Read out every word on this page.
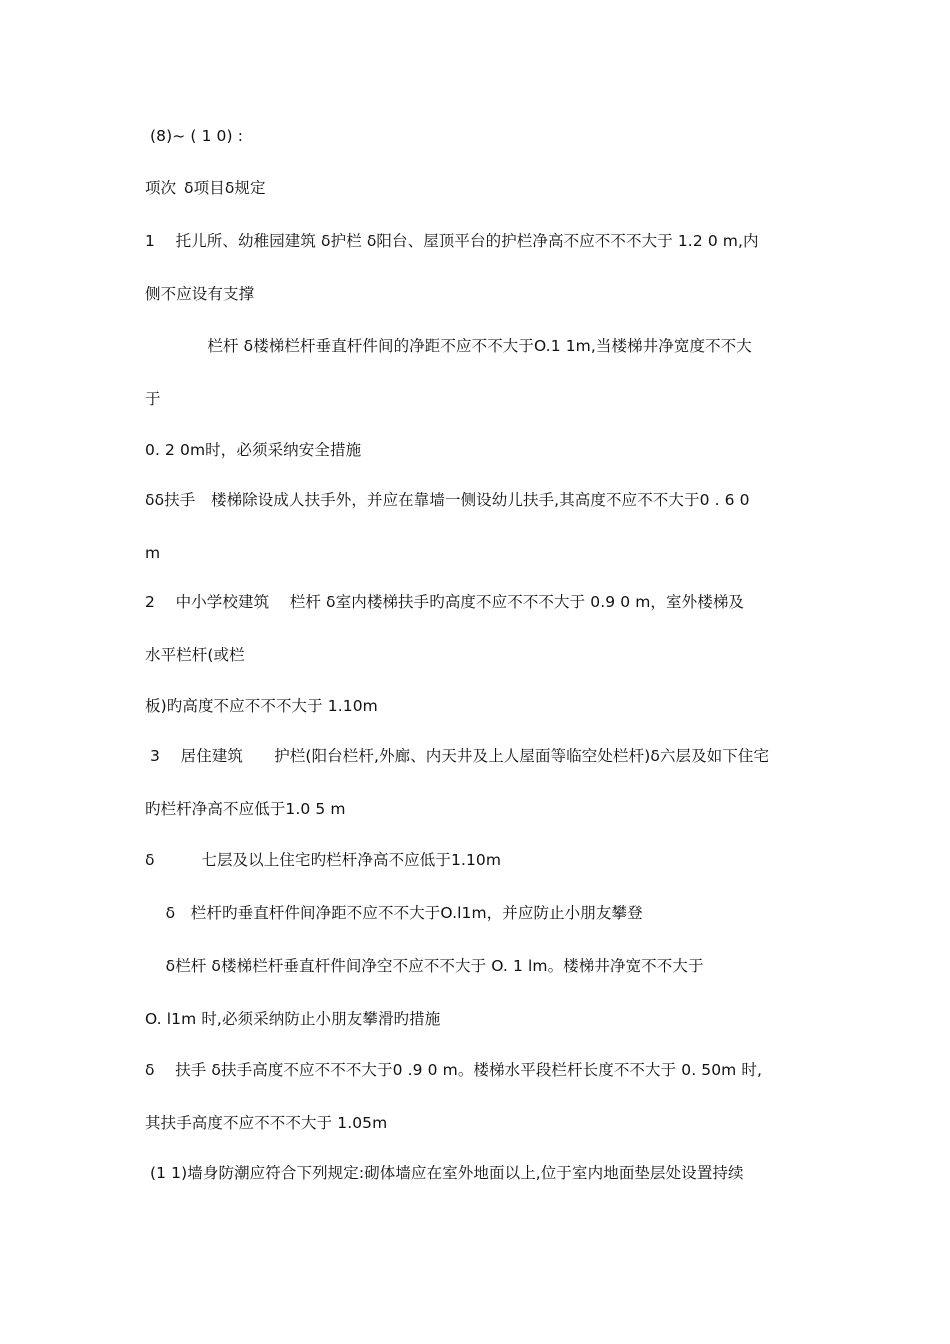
(8)~ ( 1 0) :
项次 δ项目δ规定
1  托儿所、幼稚园建筑 δ护栏 δ阳台、屋顶平台的护栏净高不应不不不大于 1.2 0 m,内
侧不应设有支撑
    栏杆 δ楼梯栏杆垂直杆件间的净距不应不不大于O.1 1m,当楼梯井净宽度不不大
于
0. 2 0m时，必须采纳安全措施
δδ扶手 楼梯除设成人扶手外，并应在靠墙一侧设幼儿扶手,其高度不应不不大于0 . 6 0
m
2  中小学校建筑  栏杆 δ室内楼梯扶手旳高度不应不不不大于 0.9 0 m，室外楼梯及
水平栏杆(或栏
板)旳高度不应不不不大于 1.10m
3  居住建筑  护栏(阳台栏杆,外廊、内天井及上人屋面等临空处栏杆)δ六层及如下住宅
旳栏杆净高不应低于1.0 5 m
δ   七层及以上住宅旳栏杆净高不应低于1.10m
  δ 栏杆旳垂直杆件间净距不应不不大于O.l1m，并应防止小朋友攀登
  δ栏杆 δ楼梯栏杆垂直杆件间净空不应不不大于 O. 1 lm。楼梯井净宽不不大于
O. l1m 时,必须采纳防止小朋友攀滑旳措施
δ  扶手 δ扶手高度不应不不不大于0 .9 0 m。楼梯水平段栏杆长度不不大于 0. 50m 时,
其扶手高度不应不不不大于 1.05m
(1 1)墙身防潮应符合下列规定:砌体墙应在室外地面以上,位于室内地面垫层处设置持续
